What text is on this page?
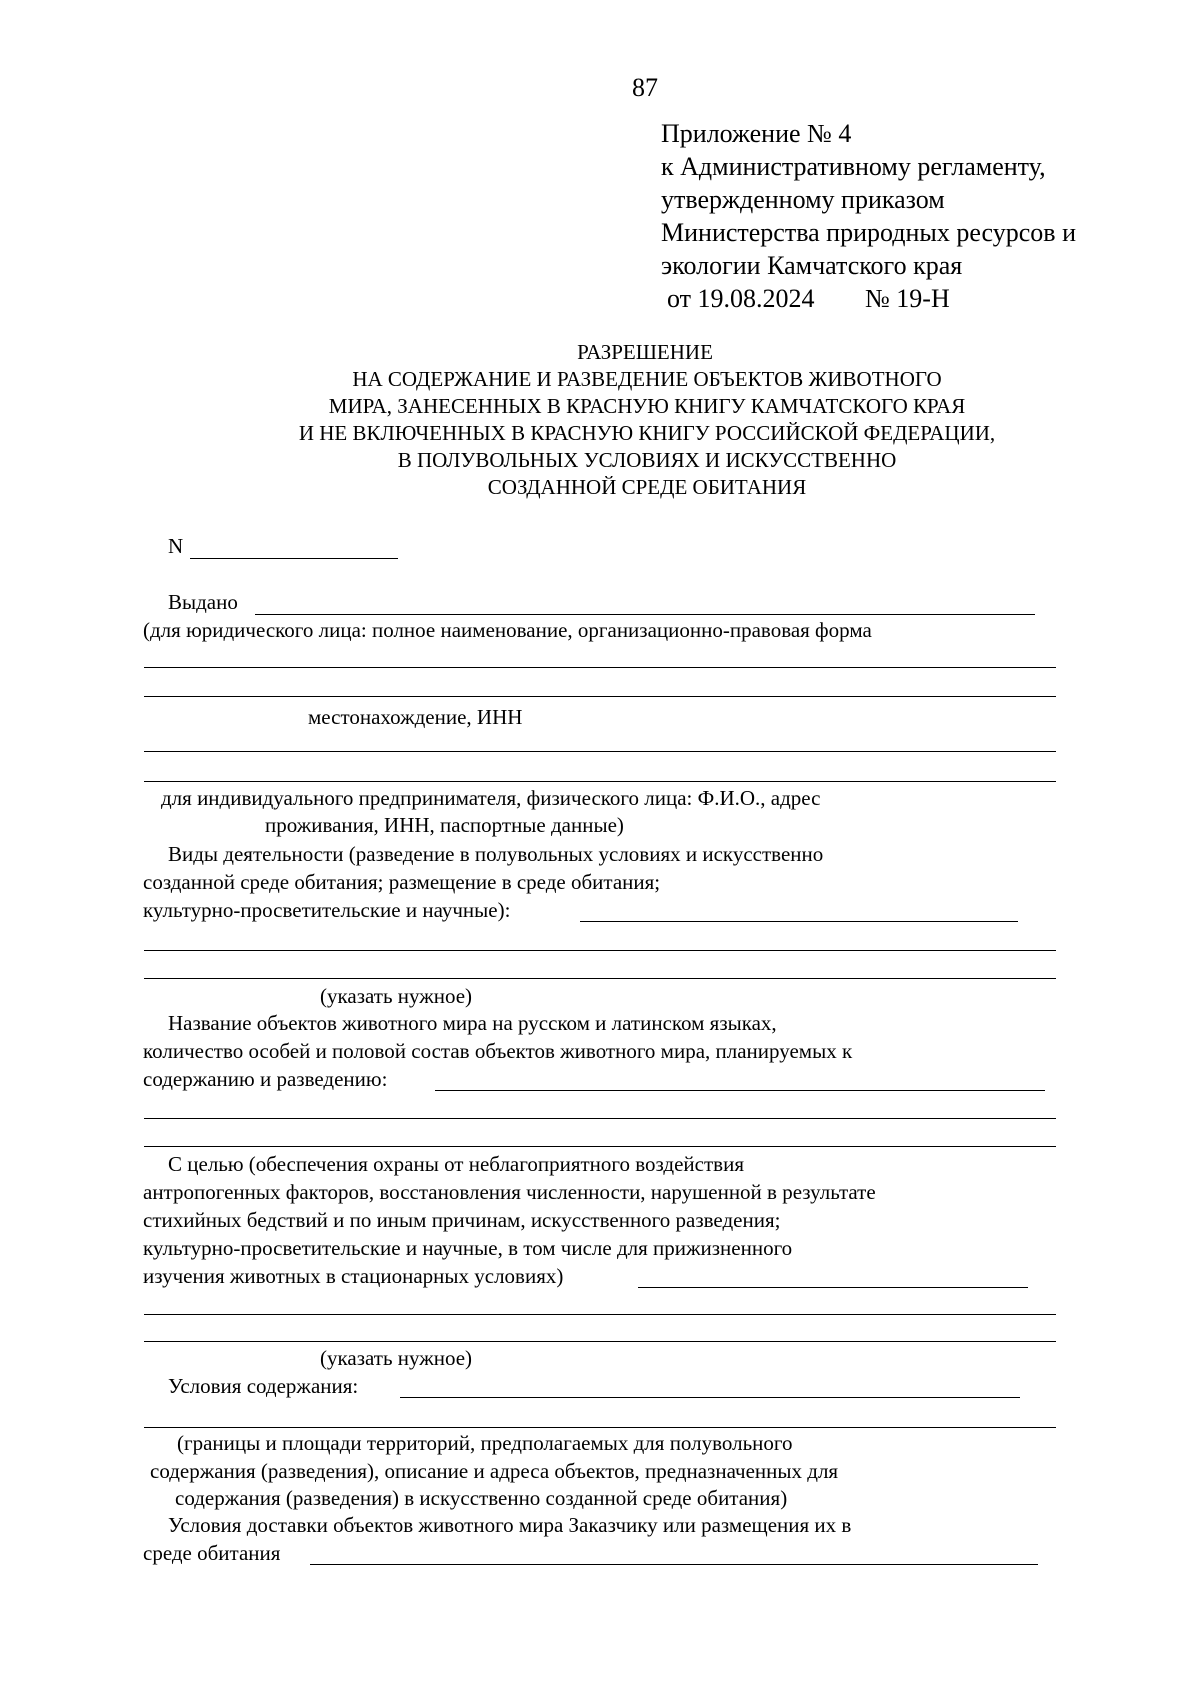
87
Приложение № 4
к Административному регламенту,
утвержденному приказом
Министерства природных ресурсов и
экологии Камчатского края
от 19.08.2024 № 19-Н
РАЗРЕШЕНИЕ
НА СОДЕРЖАНИЕ И РАЗВЕДЕНИЕ ОБЪЕКТОВ ЖИВОТНОГО
МИРА, ЗАНЕСЕННЫХ В КРАСНУЮ КНИГУ КАМЧАТСКОГО КРАЯ
И НЕ ВКЛЮЧЕННЫХ В КРАСНУЮ КНИГУ РОССИЙСКОЙ ФЕДЕРАЦИИ,
В ПОЛУВОЛЬНЫХ УСЛОВИЯХ И ИСКУССТВЕННО
СОЗДАННОЙ СРЕДЕ ОБИТАНИЯ
N
Выдано
(для юридического лица: полное наименование, организационно-правовая форма
местонахождение, ИНН
для индивидуального предпринимателя, физического лица: Ф.И.О., адрес
проживания, ИНН, паспортные данные)
Виды деятельности (разведение в полувольных условиях и искусственно
созданной среде обитания; размещение в среде обитания;
культурно-просветительские и научные):
(указать нужное)
Название объектов животного мира на русском и латинском языках,
количество особей и половой состав объектов животного мира, планируемых к
содержанию и разведению:
С целью (обеспечения охраны от неблагоприятного воздействия
антропогенных факторов, восстановления численности, нарушенной в результате
стихийных бедствий и по иным причинам, искусственного разведения;
культурно-просветительские и научные, в том числе для прижизненного
изучения животных в стационарных условиях)
(указать нужное)
Условия содержания:
(границы и площади территорий, предполагаемых для полувольного
содержания (разведения), описание и адреса объектов, предназначенных для
содержания (разведения) в искусственно созданной среде обитания)
Условия доставки объектов животного мира Заказчику или размещения их в
среде обитания
